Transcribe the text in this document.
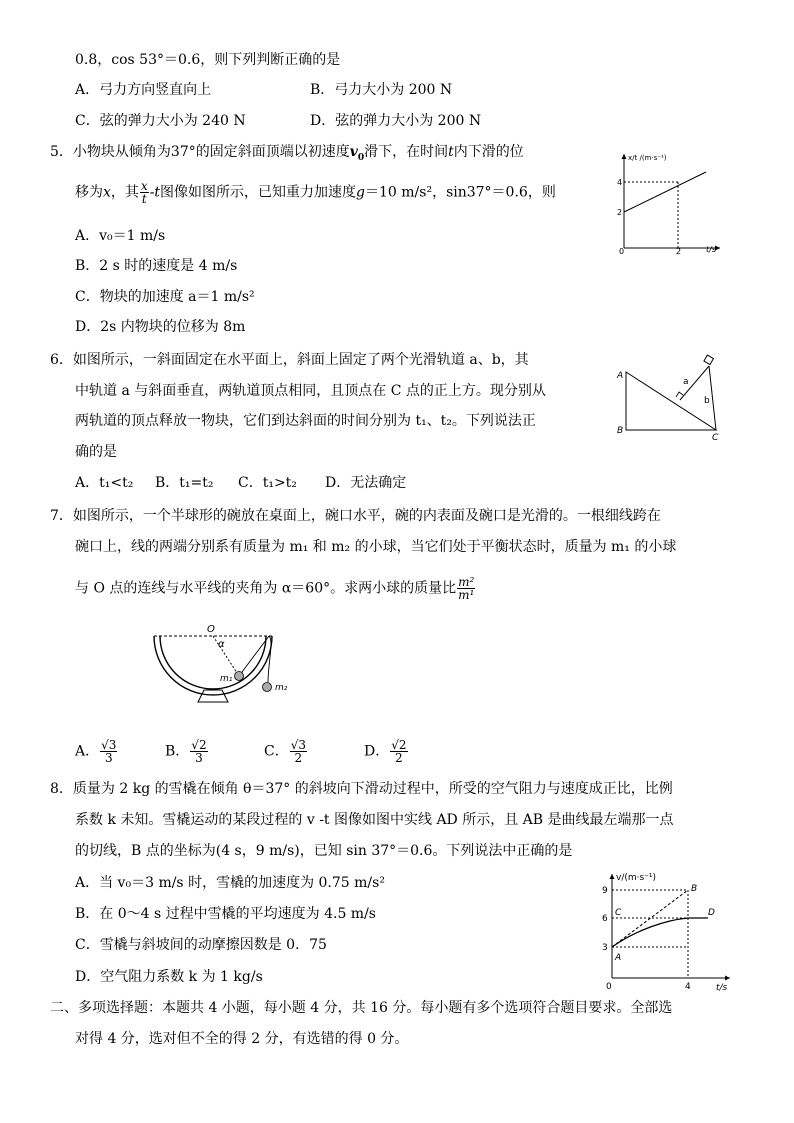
0.8，cos 53°＝0.6，则下列判断正确的是
A．弓力方向竖直向上	B．弓力大小为 200 N
C．弦的弹力大小为 240 N	D．弦的弹力大小为 200 N
5．小物块从倾角为37°的固定斜面顶端以初速度$v_0$滑下，在时间t内下滑的位
移为x，其 $\frac{x}{t} -t$图像如图所示，已知重力加速度g＝10 m/s²，sin37°＝0.6，则
A．v₀＝1 m/s
B．2 s 时的速度是 4 m/s
C．物块的加速度 a＝1 m/s²
D．2s 内物块的位移为 8m
x/t /(m·s⁻¹)
t/s
4
2
2
0
6．如图所示，一斜面固定在水平面上，斜面上固定了两个光滑轨道 a、b，其
中轨道 a 与斜面垂直，两轨道顶点相同，且顶点在 C 点的正上方。现分别从
两轨道的顶点释放一物块，它们到达斜面的时间分别为 t₁、t₂。下列说法正
确的是
A．t₁<t₂ B．t₁=t₂ C．t₁>t₂ D．无法确定
A
B
C
a
b
7．如图所示，一个半球形的碗放在桌面上，碗口水平，碗的内表面及碗口是光滑的。一根细线跨在
碗口上，线的两端分别系有质量为 m₁ 和 m₂ 的小球，当它们处于平衡状态时，质量为 m₁ 的小球
与 O 点的连线与水平线的夹角为 α＝60°。求两小球的质量比 $\frac{\text{m²}}{\text{m¹}}$
O
α
m₁
m₂
A． $\frac{√3}{3}$	B． $\frac{√2}{3}$	C． $\frac{√3}{2}$	D． $\frac{√2}{2}$
8．质量为 2 kg 的雪橇在倾角 θ＝37° 的斜坡向下滑动过程中，所受的空气阻力与速度成正比，比例
系数 k 未知。雪橇运动的某段过程的 v -t 图像如图中实线 AD 所示，且 AB 是曲线最左端那一点
的切线，B 点的坐标为(4 s，9 m/s)，已知 sin 37°＝0.6。下列说法中正确的是
A．当 v₀＝3 m/s 时，雪橇的加速度为 0.75 m/s²
B．在 0～4 s 过程中雪橇的平均速度为 4.5 m/s
C．雪橇与斜坡间的动摩擦因数是 0．75
D．空气阻力系数 k 为 1 kg/s
v/(m·s⁻¹)
t/s
9
6
3
4
0
A
B
C	D
二、多项选择题：本题共 4 小题，每小题 4 分，共 16 分。每小题有多个选项符合题目要求。全部选
对得 4 分，选对但不全的得 2 分，有选错的得 0 分。
